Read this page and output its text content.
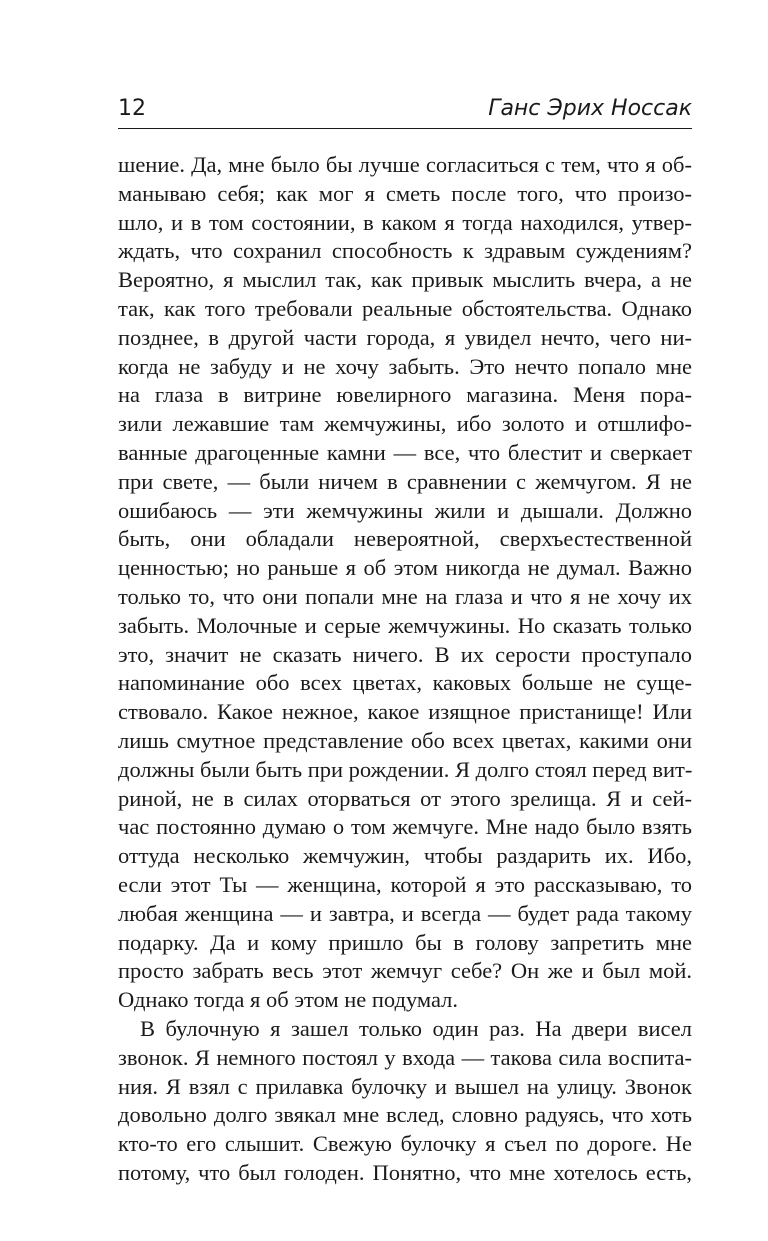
12	Ганс Эрих Носсак
шение. Да, мне было бы лучше согласиться с тем, что я об-
манываю себя; как мог я сметь после того, что произо-
шло, и в том состоянии, в каком я тогда находился, утвер-
ждать, что сохранил способность к здравым суждениям?
Вероятно, я мыслил так, как привык мыслить вчера, а не
так, как того требовали реальные обстоятельства. Однако
позднее, в другой части города, я увидел нечто, чего ни-
когда не забуду и не хочу забыть. Это нечто попало мне
на глаза в витрине ювелирного магазина. Меня пора-
зили лежавшие там жемчужины, ибо золото и отшлифо-
ванные драгоценные камни — все, что блестит и сверкает
при свете, — были ничем в сравнении с жемчугом. Я не
ошибаюсь — эти жемчужины жили и дышали. Должно
быть, они обладали невероятной, сверхъестественной
ценностью; но раньше я об этом никогда не думал. Важно
только то, что они попали мне на глаза и что я не хочу их
забыть. Молочные и серые жемчужины. Но сказать только
это, значит не сказать ничего. В их серости проступало
напоминание обо всех цветах, каковых больше не суще-
ствовало. Какое нежное, какое изящное пристанище! Или
лишь смутное представление обо всех цветах, какими они
должны были быть при рождении. Я долго стоял перед вит-
риной, не в силах оторваться от этого зрелища. Я и сей-
час постоянно думаю о том жемчуге. Мне надо было взять
оттуда несколько жемчужин, чтобы раздарить их. Ибо,
если этот Ты — женщина, которой я это рассказываю, то
любая женщина — и завтра, и всегда — будет рада такому
подарку. Да и кому пришло бы в голову запретить мне
просто забрать весь этот жемчуг себе? Он же и был мой.
Однако тогда я об этом не подумал.
В булочную я зашел только один раз. На двери висел
звонок. Я немного постоял у входа — такова сила воспита-
ния. Я взял с прилавка булочку и вышел на улицу. Звонок
довольно долго звякал мне вслед, словно радуясь, что хоть
кто-то его слышит. Свежую булочку я съел по дороге. Не
потому, что был голоден. Понятно, что мне хотелось есть,
